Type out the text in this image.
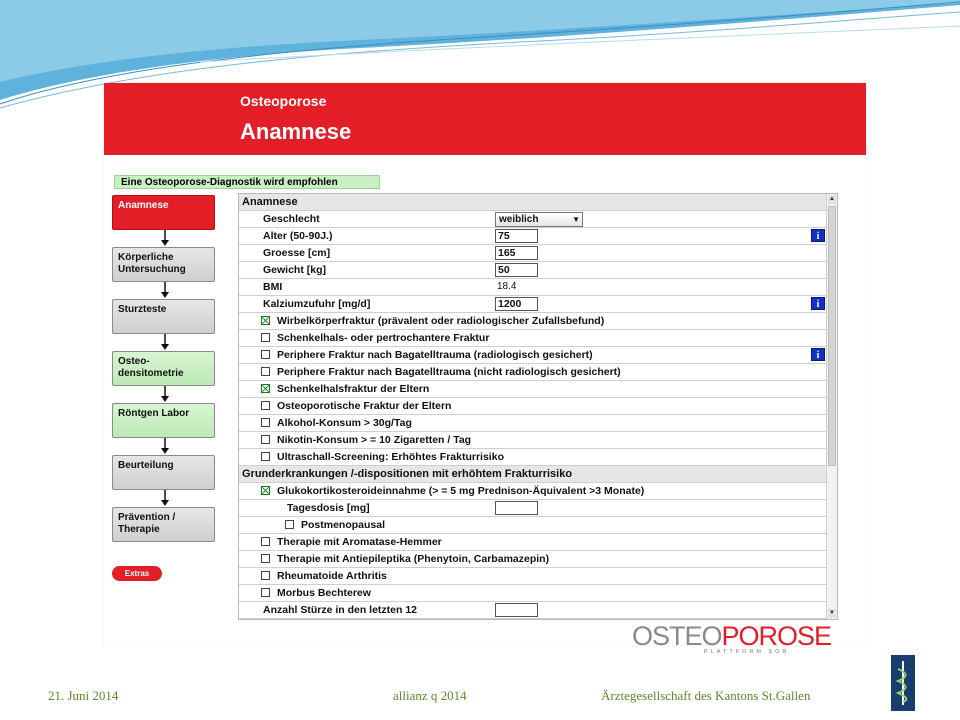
Osteoporose
Anamnese
Eine Osteoporose-Diagnostik wird empfohlen
Anamnese
Körperliche Untersuchung
Sturzteste
Osteo-densitometrie
Röntgen Labor
Beurteilung
Prävention / Therapie
Extras
Anamnese
Geschlecht	weiblich	▼
Alter (50-90J.)	75	i
Groesse [cm]	165
Gewicht [kg]	50
BMI	18.4
Kalziumzufuhr [mg/d]	1200	i
Wirbelkörperfraktur (prävalent oder radiologischer Zufallsbefund)
Schenkelhals- oder pertrochantere Fraktur
Periphere Fraktur nach Bagatelltrauma (radiologisch gesichert)	i
Periphere Fraktur nach Bagatelltrauma (nicht radiologisch gesichert)
Schenkelhalsfraktur der Eltern
Osteoporotische Fraktur der Eltern
Alkohol-Konsum > 30g/Tag
Nikotin-Konsum > = 10 Zigaretten / Tag
Ultraschall-Screening: Erhöhtes Frakturrisiko
Grunderkrankungen /-dispositionen mit erhöhtem Frakturrisiko
Glukokortikosteroideinnahme (> = 5 mg Prednison-Äquivalent >3 Monate)
Tagesdosis [mg]
Postmenopausal
Therapie mit Aromatase-Hemmer
Therapie mit Antiepileptika (Phenytoin, Carbamazepin)
Rheumatoide Arthritis
Morbus Bechterew
Anzahl Stürze in den letzten 12
▲
▼
OSTEOPOROSE
PLATTFORM SGR
21. Juni 2014	allianz q 2014	Ärztegesellschaft des Kantons St.Gallen
